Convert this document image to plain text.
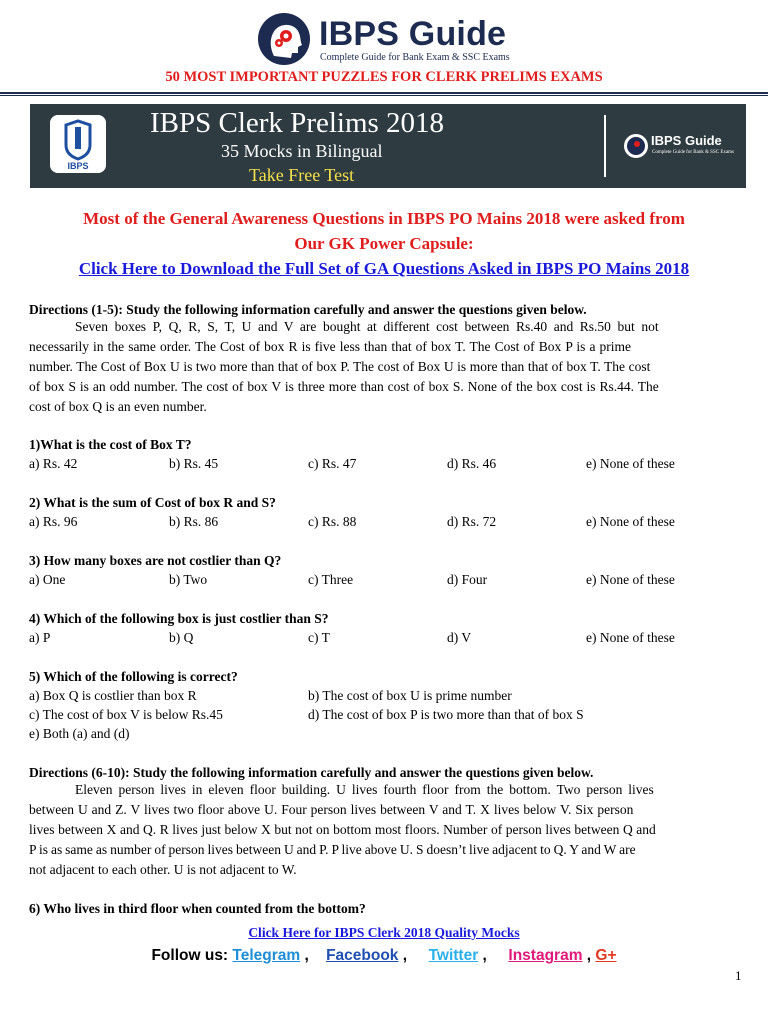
IBPS Guide
Complete Guide for Bank Exam & SSC Exams
50 MOST IMPORTANT PUZZLES FOR CLERK PRELIMS EXAMS
IBPS
IBPS Clerk Prelims 2018
35 Mocks in Bilingual
Take Free Test
IBPS Guide
Complete Guide for Bank & SSC Exams
Most of the General Awareness Questions in IBPS PO Mains 2018 were asked from
Our GK Power Capsule:
Click Here to Download the Full Set of GA Questions Asked in IBPS PO Mains 2018
Directions (1-5): Study the following information carefully and answer the questions given below.
Seven boxes P, Q, R, S, T, U and V are bought at different cost between Rs.40 and Rs.50 but not
necessarily in the same order. The Cost of box R is five less than that of box T. The Cost of Box P is a prime
number. The Cost of Box U is two more than that of box P. The cost of Box U is more than that of box T. The cost
of box S is an odd number. The cost of box V is three more than cost of box S. None of the box cost is Rs.44. The
cost of box Q is an even number.
1)What is the cost of Box T?
a) Rs. 42	b) Rs. 45	c) Rs. 47	d) Rs. 46	e) None of these
2) What is the sum of Cost of box R and S?
a) Rs. 96	b) Rs. 86	c) Rs. 88	d) Rs. 72	e) None of these
3) How many boxes are not costlier than Q?
a) One	b) Two	c) Three	d) Four	e) None of these
4) Which of the following box is just costlier than S?
a) P	b) Q	c) T	d) V	e) None of these
5) Which of the following is correct?
a) Box Q is costlier than box R	b) The cost of box U is prime number
c) The cost of box V is below Rs.45	d) The cost of box P is two more than that of box S
e) Both (a) and (d)
Directions (6-10): Study the following information carefully and answer the questions given below.
Eleven person lives in eleven floor building. U lives fourth floor from the bottom. Two person lives
between U and Z. V lives two floor above U. Four person lives between V and T. X lives below V. Six person
lives between X and Q. R lives just below X but not on bottom most floors. Number of person lives between Q and
P is as same as number of person lives between U and P. P live above U. S doesn’t live adjacent to Q. Y and W are
not adjacent to each other. U is not adjacent to W.
6) Who lives in third floor when counted from the bottom?
Click Here for IBPS Clerk 2018 Quality Mocks
Follow us: Telegram ,    Facebook ,     Twitter ,     Instagram , G+
1
